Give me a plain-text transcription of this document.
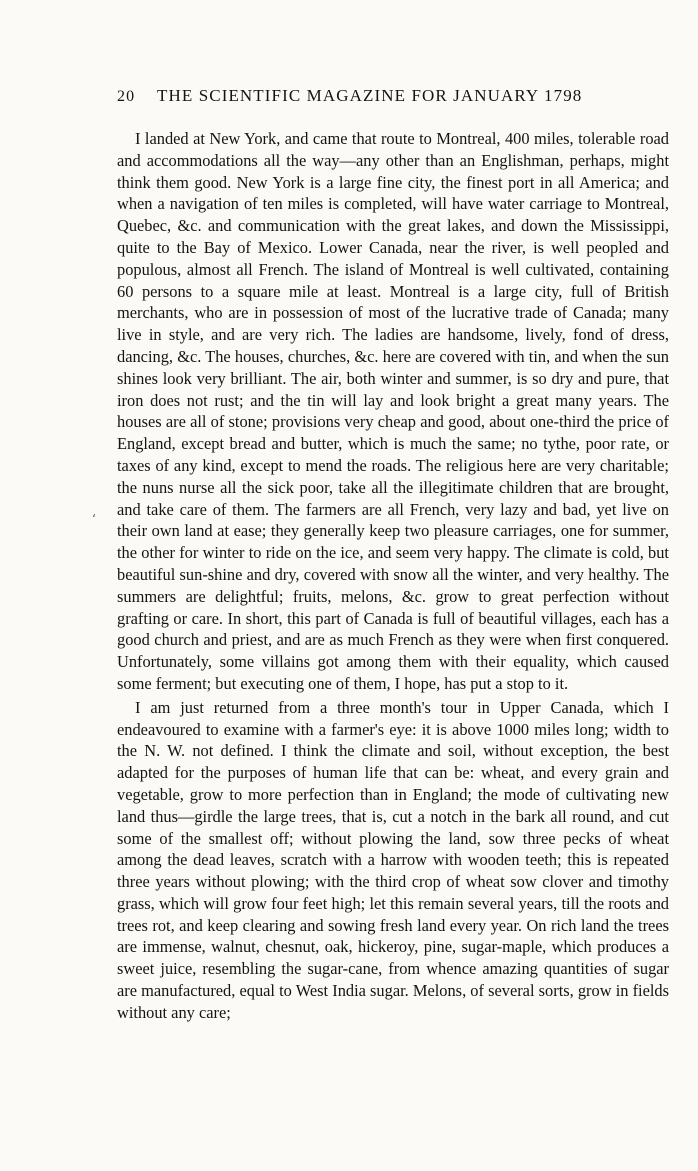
20 THE SCIENTIFIC MAGAZINE FOR JANUARY 1798
‘

I landed at New York, and came that route to Montreal, 400 miles, tolerable road and accommodations all the way—any other than an Englishman, perhaps, might think them good. New York is a large fine city, the finest port in all America; and when a navigation of ten miles is completed, will have water carriage to Montreal, Quebec, &c. and communication with the great lakes, and down the Mississippi, quite to the Bay of Mexico. Lower Canada, near the river, is well peopled and populous, almost all French. The island of Montreal is well cultivated, containing 60 persons to a square mile at least. Montreal is a large city, full of British merchants, who are in possession of most of the lucrative trade of Canada; many live in style, and are very rich. The ladies are handsome, lively, fond of dress, dancing, &c. The houses, churches, &c. here are covered with tin, and when the sun shines look very brilliant. The air, both winter and summer, is so dry and pure, that iron does not rust; and the tin will lay and look bright a great many years. The houses are all of stone; provisions very cheap and good, about one-third the price of England, except bread and butter, which is much the same; no tythe, poor rate, or taxes of any kind, except to mend the roads. The religious here are very charitable; the nuns nurse all the sick poor, take all the illegitimate children that are brought, and take care of them. The farmers are all French, very lazy and bad, yet live on their own land at ease; they generally keep two pleasure carriages, one for summer, the other for winter to ride on the ice, and seem very happy. The climate is cold, but beautiful sun-shine and dry, covered with snow all the winter, and very healthy. The summers are delightful; fruits, melons, &c. grow to great perfection without grafting or care. In short, this part of Canada is full of beautiful villages, each has a good church and priest, and are as much French as they were when first conquered. Unfortunately, some villains got among them with their equality, which caused some ferment; but executing one of them, I hope, has put a stop to it.

I am just returned from a three month's tour in Upper Canada, which I endeavoured to examine with a farmer's eye: it is above 1000 miles long; width to the N. W. not defined. I think the climate and soil, without exception, the best adapted for the purposes of human life that can be: wheat, and every grain and vegetable, grow to more perfection than in England; the mode of cultivating new land thus—girdle the large trees, that is, cut a notch in the bark all round, and cut some of the smallest off; without plowing the land, sow three pecks of wheat among the dead leaves, scratch with a harrow with wooden teeth; this is repeated three years without plowing; with the third crop of wheat sow clover and timothy grass, which will grow four feet high; let this remain several years, till the roots and trees rot, and keep clearing and sowing fresh land every year. On rich land the trees are immense, walnut, chesnut, oak, hickeroy, pine, sugar-maple, which produces a sweet juice, resembling the sugar-cane, from whence amazing quantities of sugar are manufactured, equal to West India sugar. Melons, of several sorts, grow in fields without any care;
